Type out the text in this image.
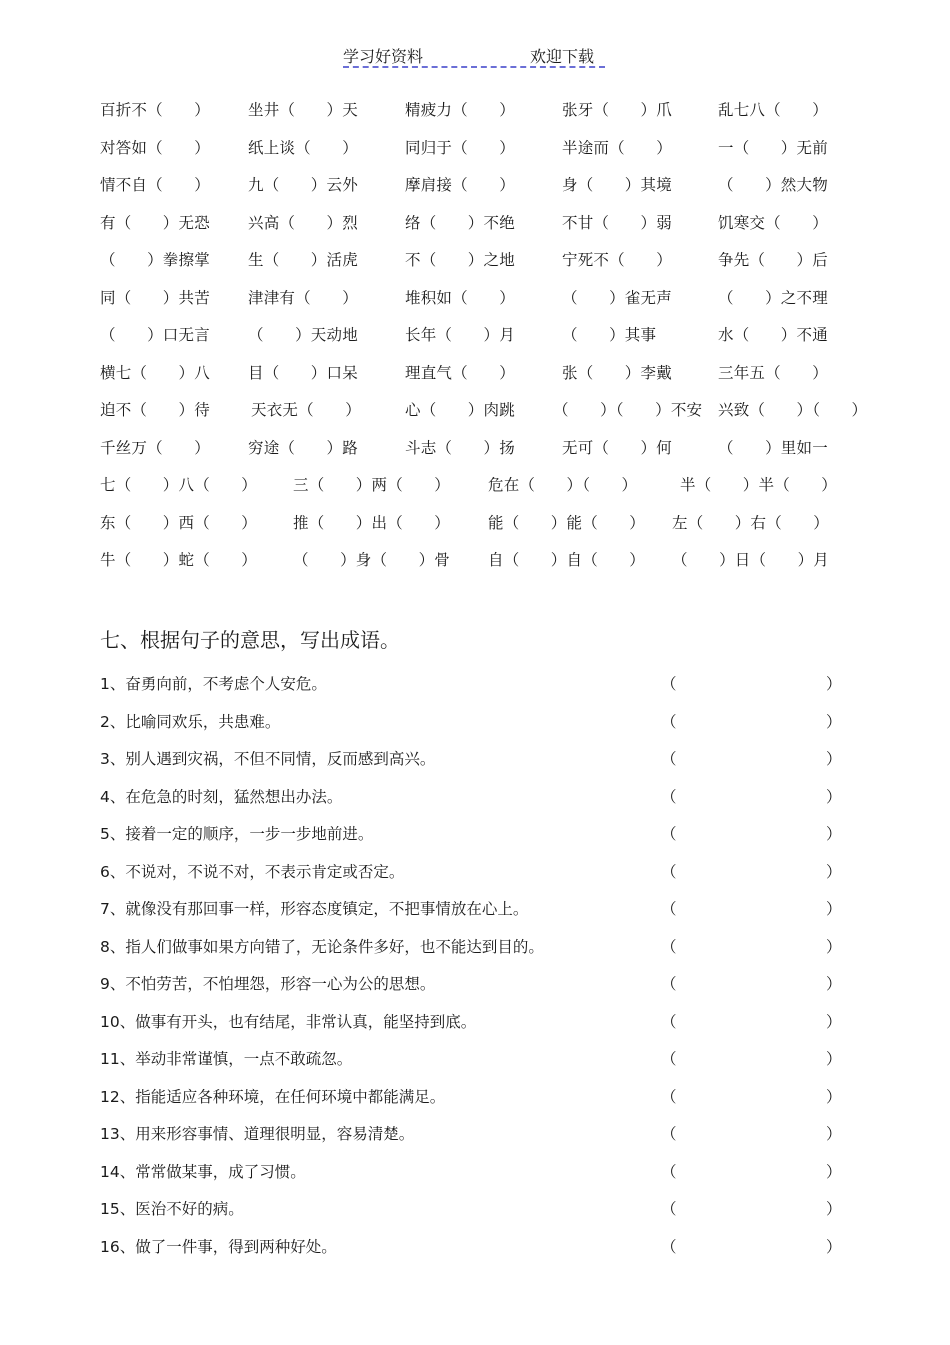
学习好资料	欢迎下载
百折不（　　） 坐井（　　）天	精疲力（　　）	张牙（　　）爪	乱七八（　　）
对答如（　　） 纸上谈（　　）	同归于（　　）	半途而（　　）	一（　　）无前
情不自（　　） 九（　　）云外	摩肩接（　　）	身（　　）其境	（　　）然大物
有（　　）无恐 兴高（　　）烈	络（　　）不绝	不甘（　　）弱	饥寒交（　　）
（　　）拳擦掌 生（　　）活虎	不（　　）之地	宁死不（　　）	争先（　　）后
同（　　）共苦 津津有（　　）	堆积如（　　）	（　　）雀无声	（　　）之不理
（　　）口无言 （　　）天动地	长年（　　）月	（　　）其事	水（　　）不通
横七（　　）八 目（　　）口呆	理直气（　　）	张（　　）李戴	三年五（　　）
迫不（　　）待	天衣无（　　）	心（　　）肉跳 （　　）（　　）不安 兴致（　　）（　　）
千丝万（　　） 穷途（　　）路	斗志（　　）扬	无可（　　）何	（　　）里如一
七（　　）八（　　） 三（　　）两（　　） 危在（　　）（　　）	半（　　）半（　　）
东（　　）西（　　） 推（　　）出（　　） 能（　　）能（　　） 左（　　）右（　　）
牛（　　）蛇（　　） （　　）身（　　）骨 自（　　）自（　　） （　　）日（　　）月
七、根据句子的意思，写出成语。
1、奋勇向前，不考虑个人安危。	（	）
2、比喻同欢乐，共患难。	（	）
3、别人遇到灾祸，不但不同情，反而感到高兴。	（	）
4、在危急的时刻，猛然想出办法。	（	）
5、接着一定的顺序，一步一步地前进。	（	）
6、不说对，不说不对，不表示肯定或否定。	（	）
7、就像没有那回事一样，形容态度镇定，不把事情放在心上。	（	）
8、指人们做事如果方向错了，无论条件多好，也不能达到目的。	（	）
9、不怕劳苦，不怕埋怨，形容一心为公的思想。	（	）
10、做事有开头，也有结尾，非常认真，能坚持到底。	（	）
11、举动非常谨慎，一点不敢疏忽。	（	）
12、指能适应各种环境，在任何环境中都能满足。	（	）
13、用来形容事情、道理很明显，容易清楚。	（	）
14、常常做某事，成了习惯。	（	）
15、医治不好的病。	（	）
16、做了一件事，得到两种好处。	（	）
